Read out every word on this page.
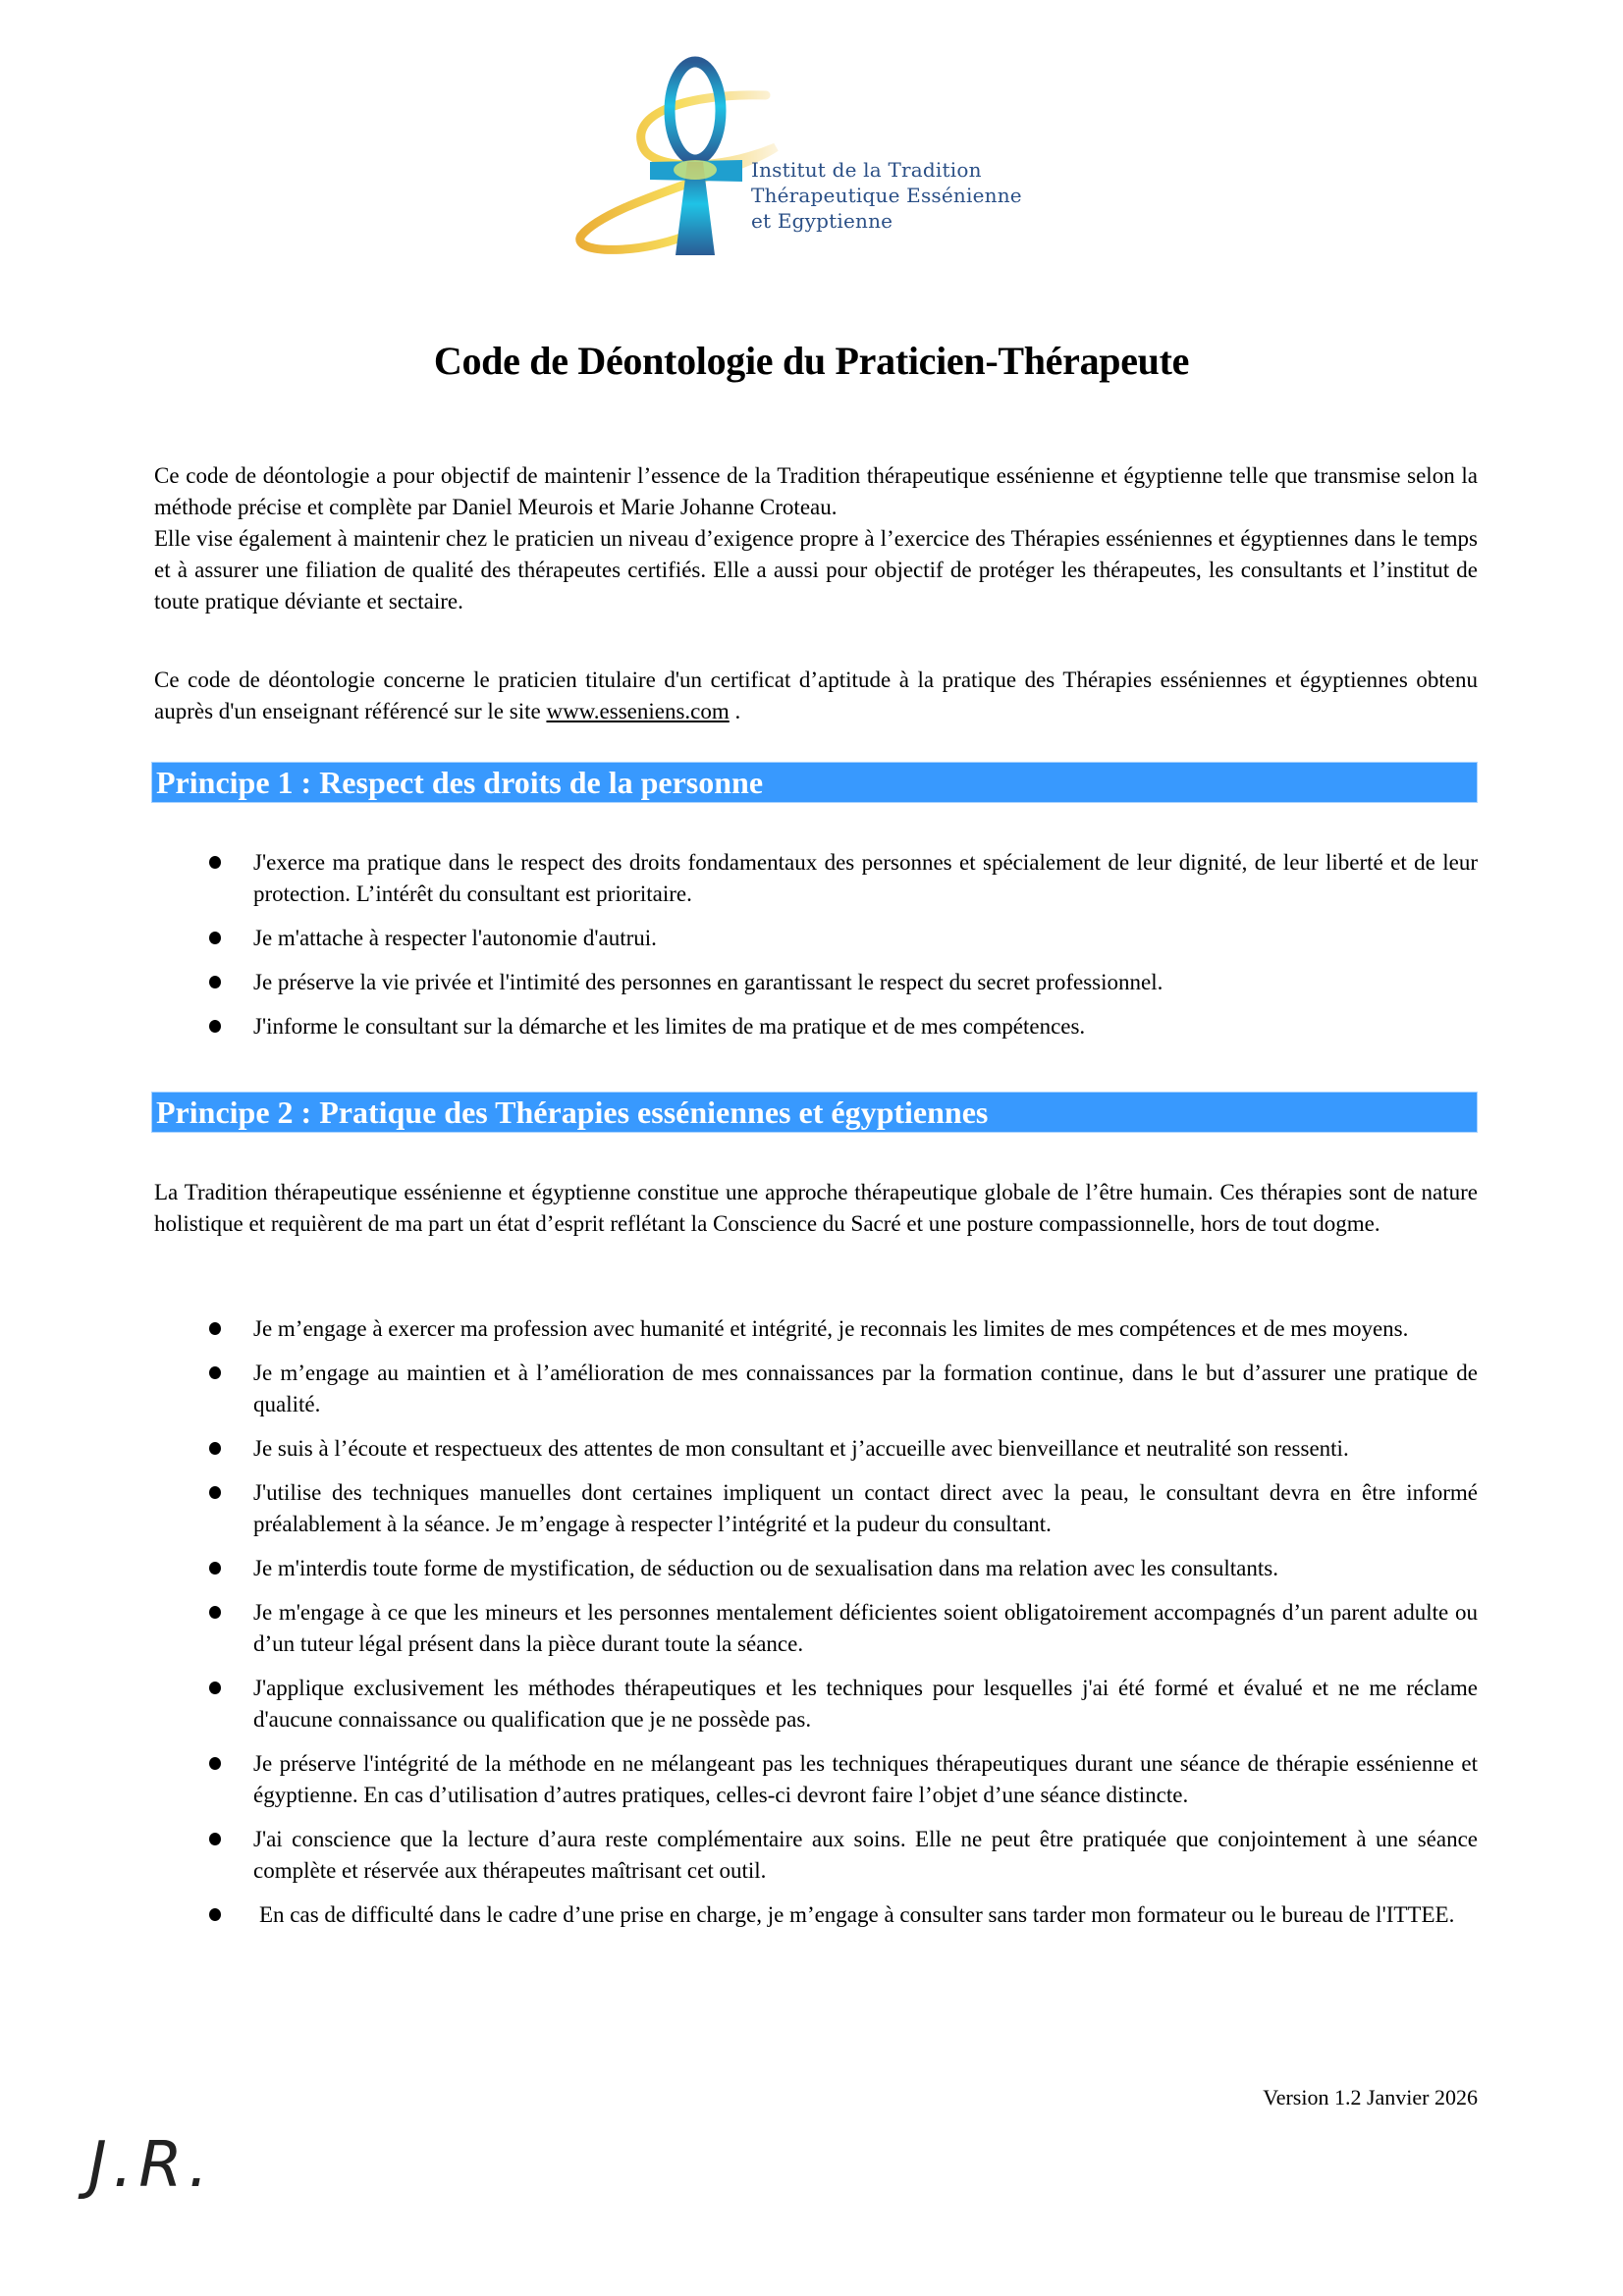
Institut de la Tradition
Thérapeutique Essénienne
et Egyptienne
Code de Déontologie du Praticien-Thérapeute

Ce code de déontologie a pour objectif de maintenir l’essence de la Tradition thérapeutique essénienne et égyptienne telle que transmise selon la méthode précise et complète par Daniel Meurois et Marie Johanne Croteau.

Elle vise également à maintenir chez le praticien un niveau d’exigence propre à l’exercice des Thérapies esséniennes et égyptiennes dans le temps et à assurer une filiation de qualité des thérapeutes certifiés. Elle a aussi pour objectif de protéger les thérapeutes, les consultants et l’institut de toute pratique déviante et sectaire.

Ce code de déontologie concerne le praticien titulaire d'un certificat d’aptitude à la pratique des Thérapies esséniennes et égyptiennes obtenu auprès d'un enseignant référencé sur le site www.esseniens.com .

Principe 1 : Respect des droits de la personne
J'exerce ma pratique dans le respect des droits fondamentaux des personnes et spécialement de leur dignité, de leur liberté et de leur protection. L’intérêt du consultant est prioritaire.
Je m'attache à respecter l'autonomie d'autrui.
Je préserve la vie privée et l'intimité des personnes en garantissant le respect du secret professionnel.
J'informe le consultant sur la démarche et les limites de ma pratique et de mes compétences.
Principe 2 : Pratique des Thérapies esséniennes et égyptiennes

La Tradition thérapeutique essénienne et égyptienne constitue une approche thérapeutique globale de l’être humain. Ces thérapies sont de nature holistique et requièrent de ma part un état d’esprit reflétant la Conscience du Sacré et une posture compassionnelle, hors de tout dogme.

Je m’engage à exercer ma profession avec humanité et intégrité, je reconnais les limites de mes compétences et de mes moyens.
Je m’engage au maintien et à l’amélioration de mes connaissances par la formation continue, dans le but d’assurer une pratique de qualité.
Je suis à l’écoute et respectueux des attentes de mon consultant et j’accueille avec bienveillance et neutralité son ressenti.
J'utilise des techniques manuelles dont certaines impliquent un contact direct avec la peau, le consultant devra en être informé préalablement à la séance. Je m’engage à respecter l’intégrité et la pudeur du consultant.
Je m'interdis toute forme de mystification, de séduction ou de sexualisation dans ma relation avec les consultants.
Je m'engage à ce que les mineurs et les personnes mentalement déficientes soient obligatoirement accompagnés d’un parent adulte ou d’un tuteur légal présent dans la pièce durant toute la séance.
J'applique exclusivement les méthodes thérapeutiques et les techniques pour lesquelles j'ai été formé et évalué et ne me réclame d'aucune connaissance ou qualification que je ne possède pas.
Je préserve l'intégrité de la méthode en ne mélangeant pas les techniques thérapeutiques durant une séance de thérapie essénienne et égyptienne. En cas d’utilisation d’autres pratiques, celles-ci devront faire l’objet d’une séance distincte.
J'ai conscience que la lecture d’aura reste complémentaire aux soins. Elle ne peut être pratiquée que conjointement à une séance complète et réservée aux thérapeutes maîtrisant cet outil.
En cas de difficulté dans le cadre d’une prise en charge, je m’engage à consulter sans tarder mon formateur ou le bureau de l'ITTEE.
Version 1.2 Janvier 2026
J.R.
